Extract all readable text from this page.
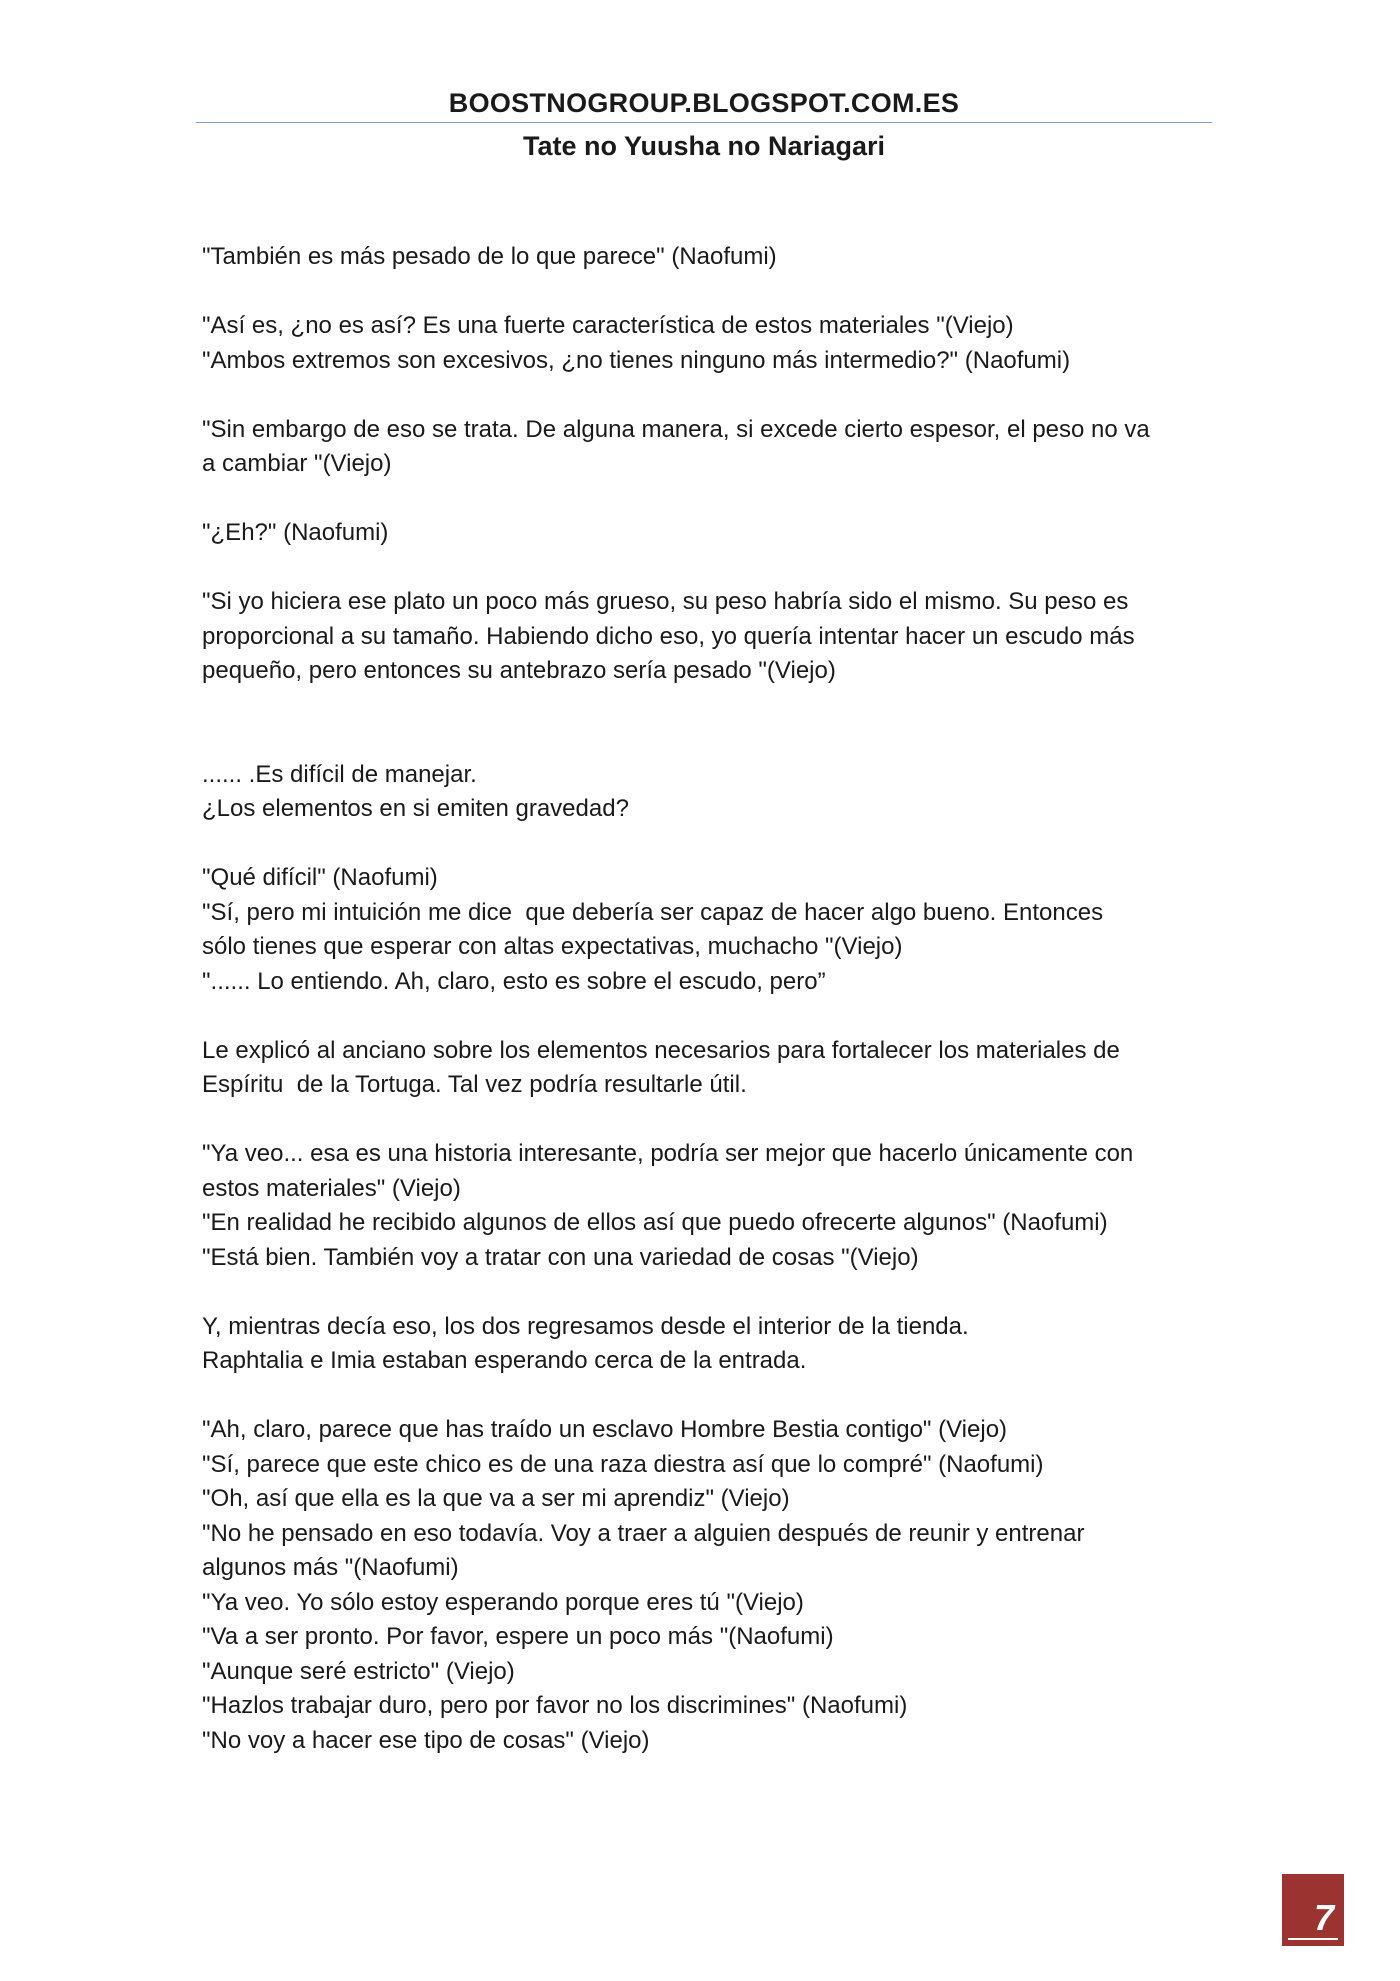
BOOSTNOGROUP.BLOGSPOT.COM.ES
Tate no Yuusha no Nariagari
"También es más pesado de lo que parece" (Naofumi)
"Así es, ¿no es así? Es una fuerte característica de estos materiales "(Viejo)
"Ambos extremos son excesivos, ¿no tienes ninguno más intermedio?" (Naofumi)
"Sin embargo de eso se trata. De alguna manera, si excede cierto espesor, el peso no va
a cambiar "(Viejo)
"¿Eh?" (Naofumi)
"Si yo hiciera ese plato un poco más grueso, su peso habría sido el mismo. Su peso es
proporcional a su tamaño. Habiendo dicho eso, yo quería intentar hacer un escudo más
pequeño, pero entonces su antebrazo sería pesado "(Viejo)
...... .Es difícil de manejar.
¿Los elementos en si emiten gravedad?
"Qué difícil" (Naofumi)
"Sí, pero mi intuición me dice  que debería ser capaz de hacer algo bueno. Entonces
sólo tienes que esperar con altas expectativas, muchacho "(Viejo)
"...... Lo entiendo. Ah, claro, esto es sobre el escudo, pero”
Le explicó al anciano sobre los elementos necesarios para fortalecer los materiales de
Espíritu  de la Tortuga. Tal vez podría resultarle útil.
"Ya veo... esa es una historia interesante, podría ser mejor que hacerlo únicamente con
estos materiales" (Viejo)
"En realidad he recibido algunos de ellos así que puedo ofrecerte algunos" (Naofumi)
"Está bien. También voy a tratar con una variedad de cosas "(Viejo)
Y, mientras decía eso, los dos regresamos desde el interior de la tienda.
Raphtalia e Imia estaban esperando cerca de la entrada.
"Ah, claro, parece que has traído un esclavo Hombre Bestia contigo" (Viejo)
"Sí, parece que este chico es de una raza diestra así que lo compré" (Naofumi)
"Oh, así que ella es la que va a ser mi aprendiz" (Viejo)
"No he pensado en eso todavía. Voy a traer a alguien después de reunir y entrenar
algunos más "(Naofumi)
"Ya veo. Yo sólo estoy esperando porque eres tú "(Viejo)
"Va a ser pronto. Por favor, espere un poco más "(Naofumi)
"Aunque seré estricto" (Viejo)
"Hazlos trabajar duro, pero por favor no los discrimines" (Naofumi)
"No voy a hacer ese tipo de cosas" (Viejo)
7
